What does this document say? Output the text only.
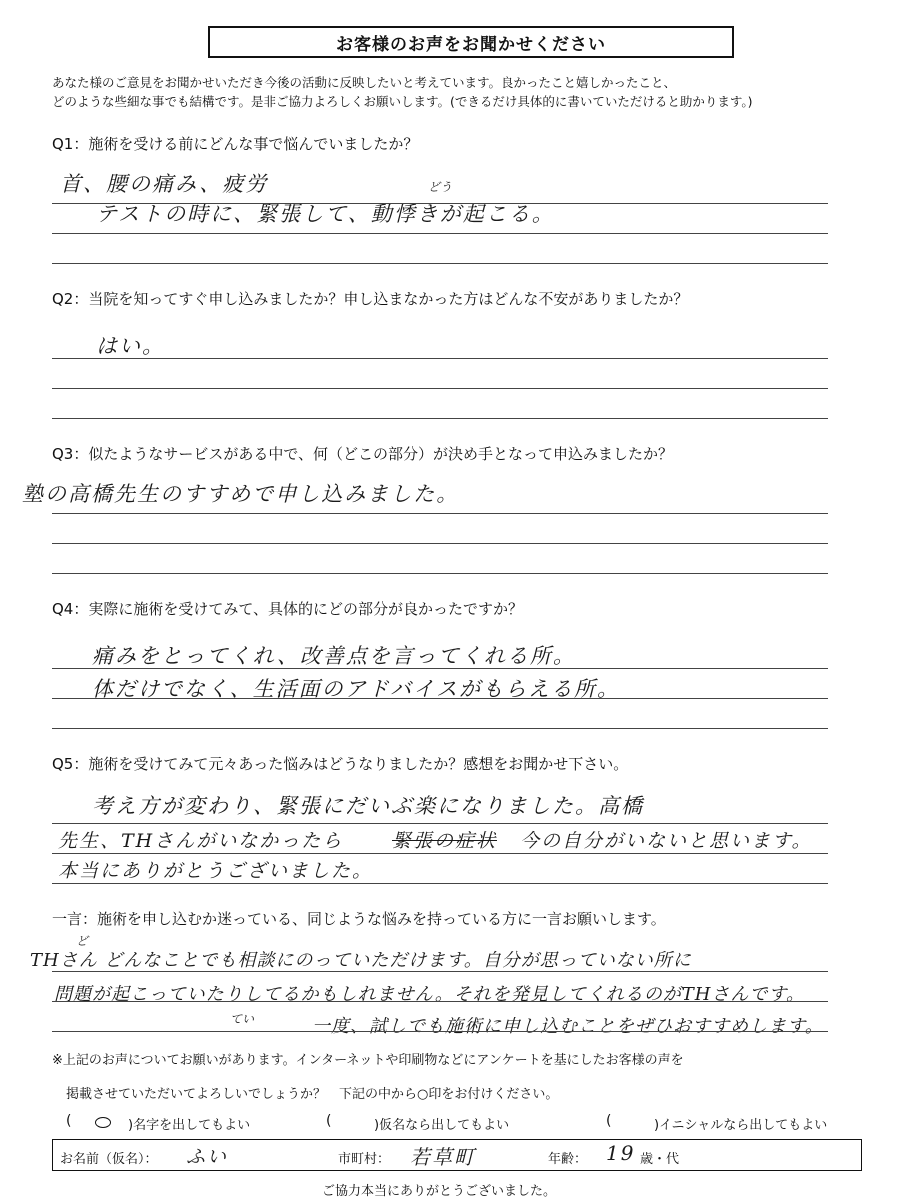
お客様のお声をお聞かせください
あなた様のご意見をお聞かせいただき今後の活動に反映したいと考えています。良かったこと嬉しかったこと、
どのような些細な事でも結構です。是非ご協力よろしくお願いします。(できるだけ具体的に書いていただけると助かります。)
Q1：施術を受ける前にどんな事で悩んでいましたか？
首、腰の痛み、疲労	どう
テストの時に、緊張して、動悸きが起こる。
Q2：当院を知ってすぐ申し込みましたか？申し込まなかった方はどんな不安がありましたか？
はい。
Q3：似たようなサービスがある中で、何（どこの部分）が決め手となって申込みましたか？
塾の高橋先生のすすめで申し込みました。
Q4：実際に施術を受けてみて、具体的にどの部分が良かったですか？
痛みをとってくれ、改善点を言ってくれる所。
体だけでなく、生活面のアドバイスがもらえる所。
Q5：施術を受けてみて元々あった悩みはどうなりましたか？感想をお聞かせ下さい。
考え方が変わり、緊張にだいぶ楽になりました。高橋
先生、THさんがいなかったら	緊張の症状 今の自分がいないと思います。
本当にありがとうございました。
一言：施術を申し込むか迷っている、同じような悩みを持っている方に一言お願いします。
ど
THさん どんなことでも相談にのっていただけます。自分が思っていない所に
問題が起こっていたりしてるかもしれません。それを発見してくれるのがTHさんです。
てい	一度、試しでも施術に申し込むことをぜひおすすめします。
※上記のお声についてお願いがあります。インターネットや印刷物などにアンケートを基にしたお客様の声を
掲載させていただいてよろしいでしょうか？　下記の中から○印をお付けください。
( ○ )名字を出してもよい	(	)仮名なら出してもよい	(	)イニシャルなら出してもよい
お名前（仮名）： ふい	市町村： 若草町	年齢： 19 歳・代
ご協力本当にありがとうございました。
